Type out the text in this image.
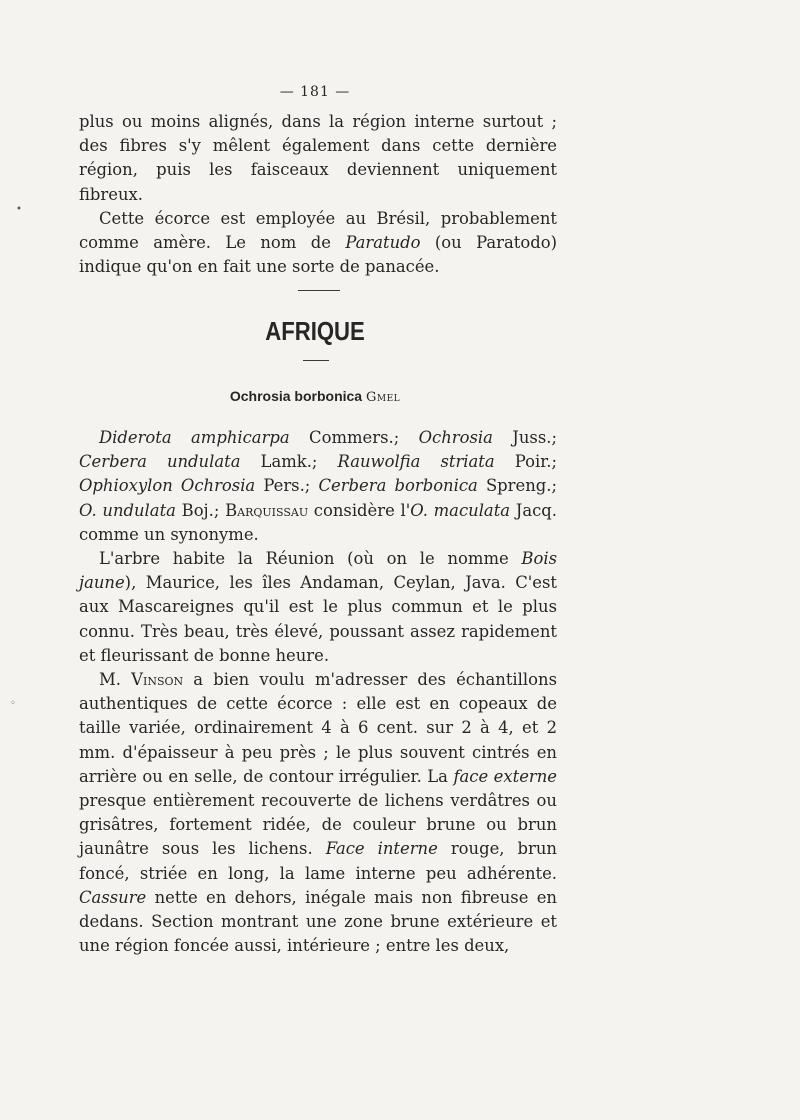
— 181 —

plus ou moins alignés, dans la région interne surtout ; des fibres s'y mêlent également dans cette dernière région, puis les faisceaux deviennent uniquement fibreux.

Cette écorce est employée au Brésil, probablement comme amère. Le nom de Paratudo (ou Paratodo) indique qu'on en fait une sorte de panacée.

AFRIQUE
Ochrosia borbonica Gmel

Diderota amphicarpa Commers.; Ochrosia Juss.; Cerbera undulata Lamk.; Rauwolfia striata Poir.; Ophioxylon Ochrosia Pers.; Cerbera borbonica Spreng.; O. undulata Boj.; Barquissau considère l'O. maculata Jacq. comme un synonyme.

L'arbre habite la Réunion (où on le nomme Bois jaune), Maurice, les îles Andaman, Ceylan, Java. C'est aux Mascareignes qu'il est le plus commun et le plus connu. Très beau, très élevé, poussant assez rapidement et fleurissant de bonne heure.

M. Vinson a bien voulu m'adresser des échantillons authentiques de cette écorce : elle est en copeaux de taille variée, ordinairement 4 à 6 cent. sur 2 à 4, et 2 mm. d'épaisseur à peu près ; le plus souvent cintrés en arrière ou en selle, de contour irrégulier. La face externe presque entièrement recouverte de lichens verdâtres ou grisâtres, fortement ridée, de couleur brune ou brun jaunâtre sous les lichens. Face interne rouge, brun foncé, striée en long, la lame interne peu adhérente. Cassure nette en dehors, inégale mais non fibreuse en dedans. Section montrant une zone brune extérieure et une région foncée aussi, intérieure ; entre les deux,

•
◦
